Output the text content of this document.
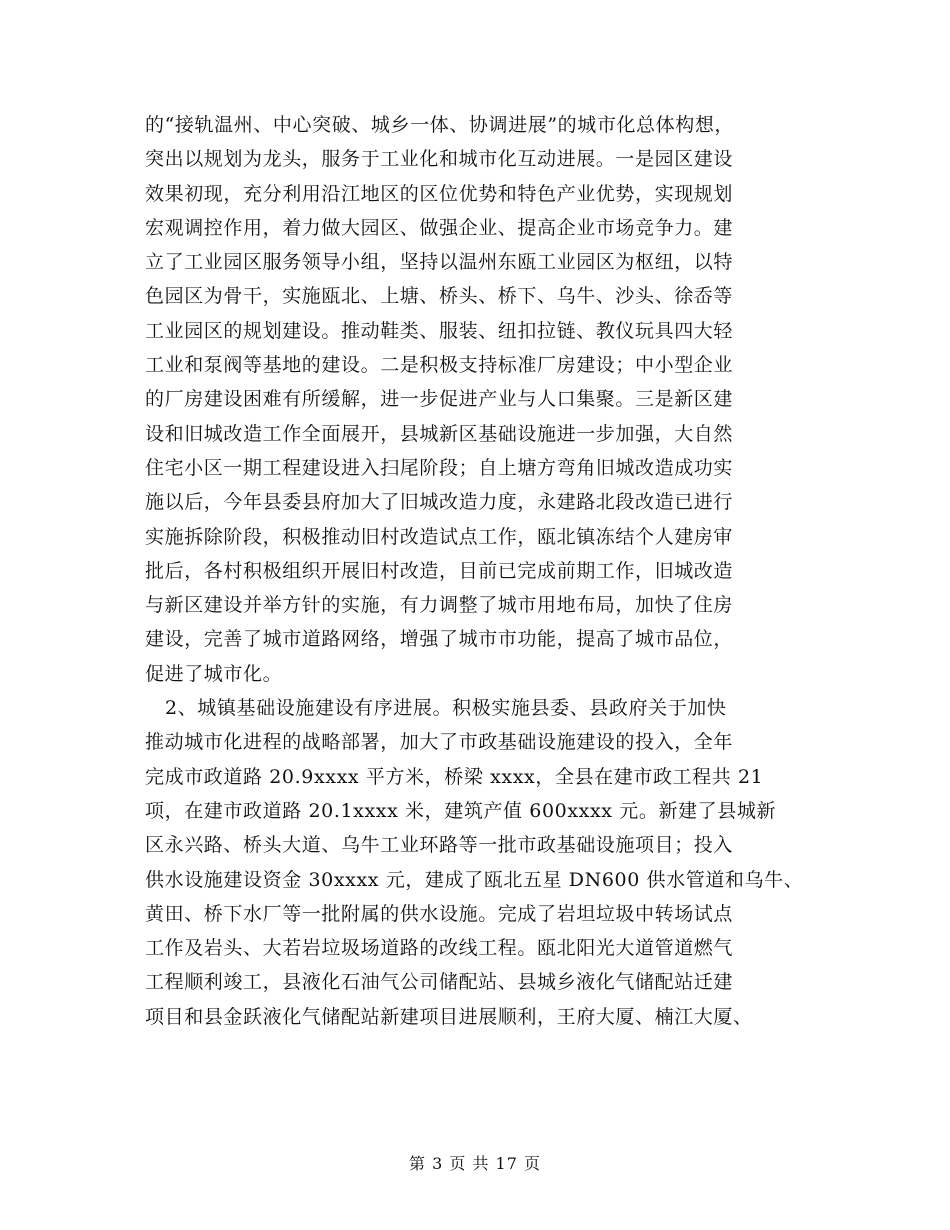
的“接轨温州、中心突破、城乡一体、协调进展”的城市化总体构想，
突出以规划为龙头，服务于工业化和城市化互动进展。一是园区建设
效果初现，充分利用沿江地区的区位优势和特色产业优势，实现规划
宏观调控作用，着力做大园区、做强企业、提高企业市场竞争力。建
立了工业园区服务领导小组，坚持以温州东瓯工业园区为枢纽，以特
色园区为骨干，实施瓯北、上塘、桥头、桥下、乌牛、沙头、徐岙等
工业园区的规划建设。推动鞋类、服装、纽扣拉链、教仪玩具四大轻
工业和泵阀等基地的建设。二是积极支持标准厂房建设；中小型企业
的厂房建设困难有所缓解，进一步促进产业与人口集聚。三是新区建
设和旧城改造工作全面展开，县城新区基础设施进一步加强，大自然
住宅小区一期工程建设进入扫尾阶段；自上塘方弯角旧城改造成功实
施以后，今年县委县府加大了旧城改造力度，永建路北段改造已进行
实施拆除阶段，积极推动旧村改造试点工作，瓯北镇冻结个人建房审
批后，各村积极组织开展旧村改造，目前已完成前期工作，旧城改造
与新区建设并举方针的实施，有力调整了城市用地布局，加快了住房
建设，完善了城市道路网络，增强了城市市功能，提高了城市品位，
促进了城市化。
2、城镇基础设施建设有序进展。积极实施县委、县政府关于加快
推动城市化进程的战略部署，加大了市政基础设施建设的投入，全年
完成市政道路 20.9xxxx 平方米，桥梁 xxxx，全县在建市政工程共 21
项，在建市政道路 20.1xxxx 米，建筑产值 600xxxx 元。新建了县城新
区永兴路、桥头大道、乌牛工业环路等一批市政基础设施项目；投入
供水设施建设资金 30xxxx 元，建成了瓯北五星 DN600 供水管道和乌牛、
黄田、桥下水厂等一批附属的供水设施。完成了岩坦垃圾中转场试点
工作及岩头、大若岩垃圾场道路的改线工程。瓯北阳光大道管道燃气
工程顺利竣工，县液化石油气公司储配站、县城乡液化气储配站迁建
项目和县金跃液化气储配站新建项目进展顺利，王府大厦、楠江大厦、
第 3 页 共 17 页
